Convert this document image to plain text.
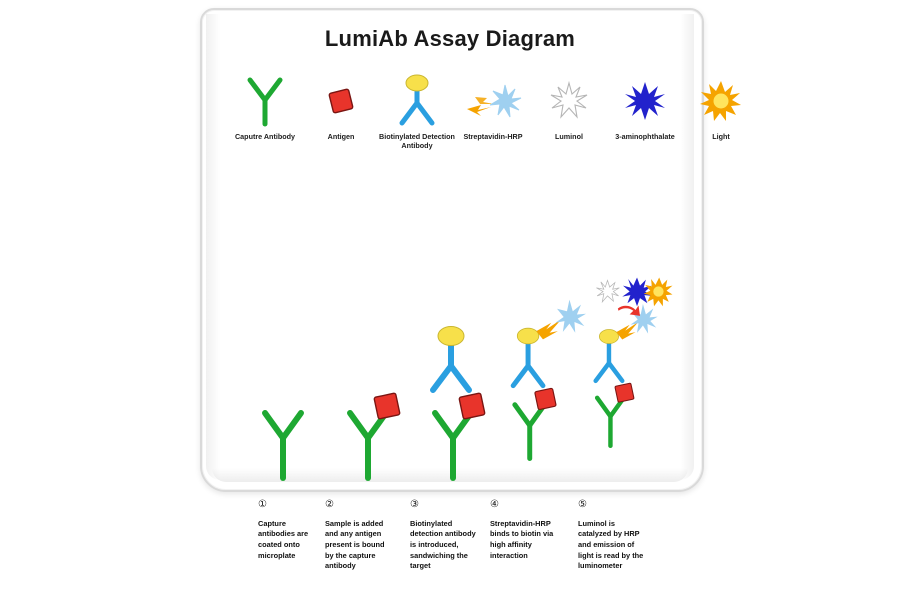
LumiAb Assay Diagram
Caputre Antibody	Antigen	Biotinylated Detection Antibody
Streptavidin-HRP	Luminol	3-aminophthalate	Light
①
Capture antibodies are coated onto microplate
②
Sample is added and any antigen present is bound by the capture antibody
③
Biotinylated detection antibody is introduced, sandwiching the target
④
Streptavidin-HRP binds to biotin via high affinity interaction
⑤
Luminol is catalyzed by HRP and emission of light is read by the luminometer
